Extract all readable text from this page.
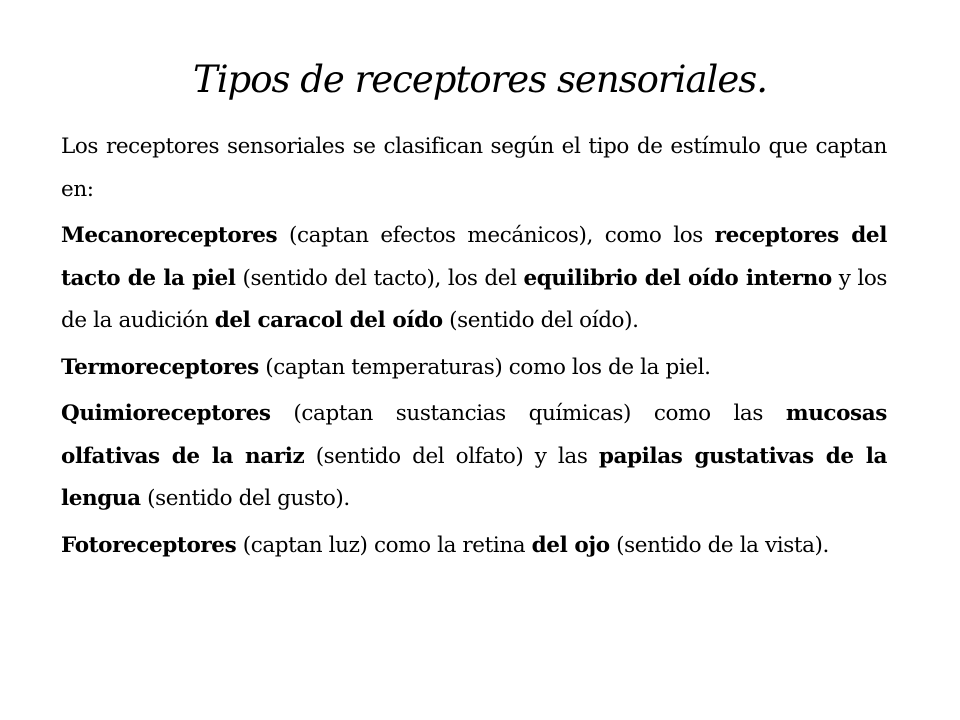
Tipos de receptores sensoriales.

Los receptores sensoriales se clasifican según el tipo de estímulo que captan en:

Mecanoreceptores (captan efectos mecánicos), como los receptores del tacto de la piel (sentido del tacto), los del equilibrio del oído interno y los de la audición del caracol del oído (sentido del oído).

Termoreceptores (captan temperaturas) como los de la piel.

Quimioreceptores (captan sustancias químicas) como las mucosas olfativas de la nariz (sentido del olfato) y las papilas gustativas de la lengua (sentido del gusto).

Fotoreceptores (captan luz) como la retina del ojo (sentido de la vista).
